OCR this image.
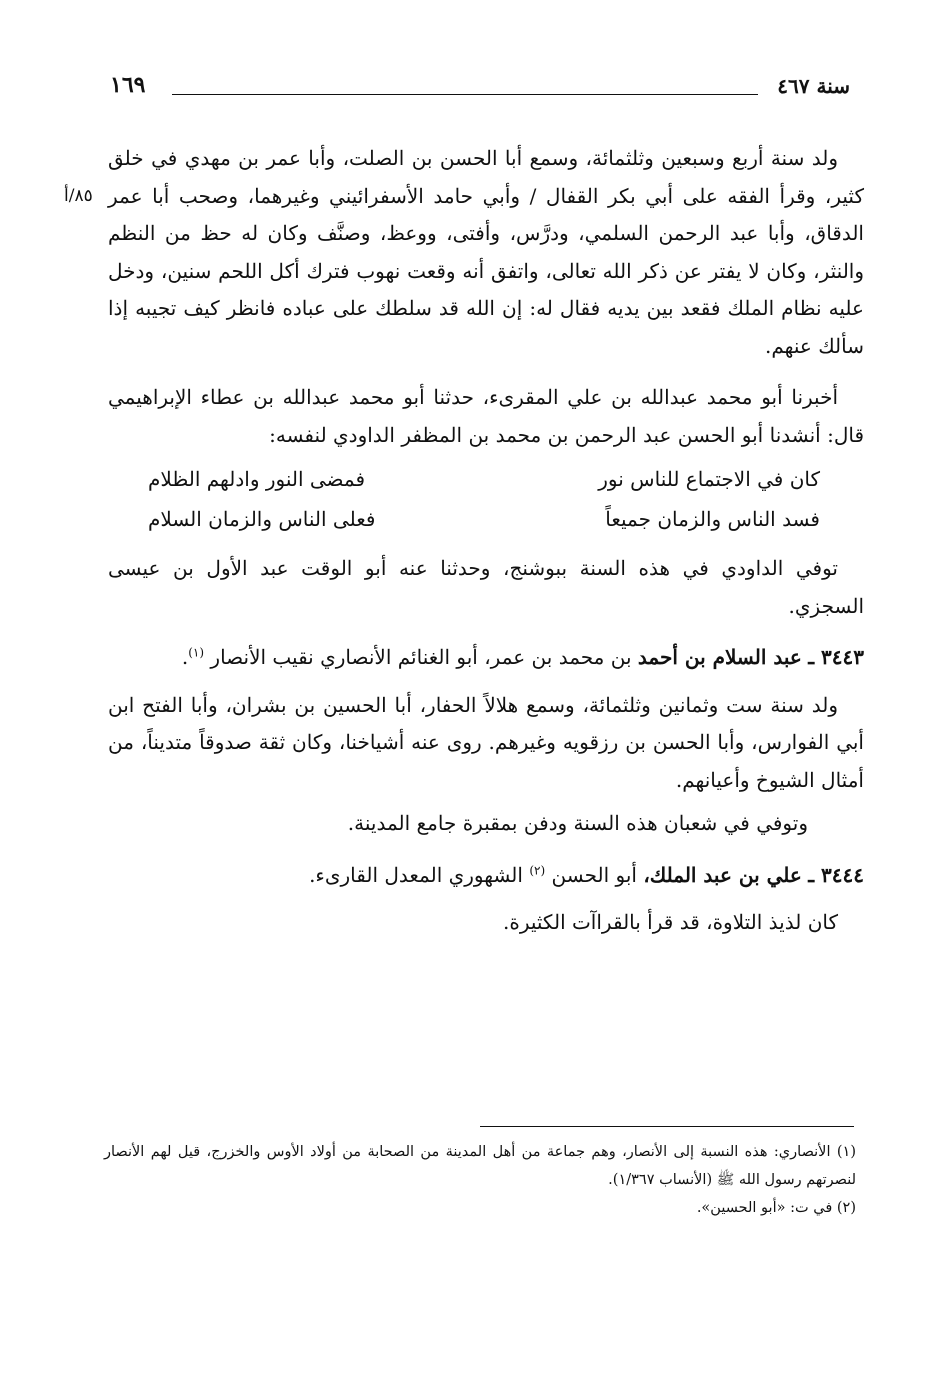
١٦٩	سنة ٤٦٧
٨٥/أ

ولد سنة أربع وسبعين وثلثمائة، وسمع أبا الحسن بن الصلت، وأبا عمر بن مهدي في خلق كثير، وقرأ الفقه على أبي بكر القفال / وأبي حامد الأسفرائيني وغيرهما، وصحب أبا عمر الدقاق، وأبا عبد الرحمن السلمي، ودرَّس، وأفتى، ووعظ، وصنَّف وكان له حظ من النظم والنثر، وكان لا يفتر عن ذكر الله تعالى، واتفق أنه وقعت نهوب فترك أكل اللحم سنين، ودخل عليه نظام الملك فقعد بين يديه فقال له: إن الله قد سلطك على عباده فانظر كيف تجيبه إذا سألك عنهم.

أخبرنا أبو محمد عبدالله بن علي المقرىء، حدثنا أبو محمد عبدالله بن عطاء الإبراهيمي قال: أنشدنا أبو الحسن عبد الرحمن بن محمد بن المظفر الداودي لنفسه:

كان في الاجتماع للناس نور
فمضى النور وادلهم الظلام
فسد الناس والزمان جميعاً
فعلى الناس والزمان السلام

توفي الداودي في هذه السنة ببوشنج، وحدثنا عنه أبو الوقت عبد الأول بن عيسى السجزي.

٣٤٤٣ ـ عبد السلام بن أحمد بن محمد بن عمر، أبو الغنائم الأنصاري نقيب الأنصار $^{(١)}$.

ولد سنة ست وثمانين وثلثمائة، وسمع هلالاً الحفار، أبا الحسين بن بشران، وأبا الفتح ابن أبي الفوارس، وأبا الحسن بن رزقويه وغيرهم. روى عنه أشياخنا، وكان ثقة صدوقاً متديناً، من أمثال الشيوخ وأعيانهم.

وتوفي في شعبان هذه السنة ودفن بمقبرة جامع المدينة.

٣٤٤٤ ـ علي بن عبد الملك، أبو الحسن $^{(٢)}$ الشهوري المعدل القارىء.

كان لذيذ التلاوة، قد قرأ بالقراآت الكثيرة.

(١) الأنصاري: هذه النسبة إلى الأنصار، وهم جماعة من أهل المدينة من الصحابة من أولاد الأوس والخزرج، قيل لهم الأنصار لنصرتهم رسول الله ﷺ (الأنساب ١/٣٦٧).

(٢) في ت: «أبو الحسين».
